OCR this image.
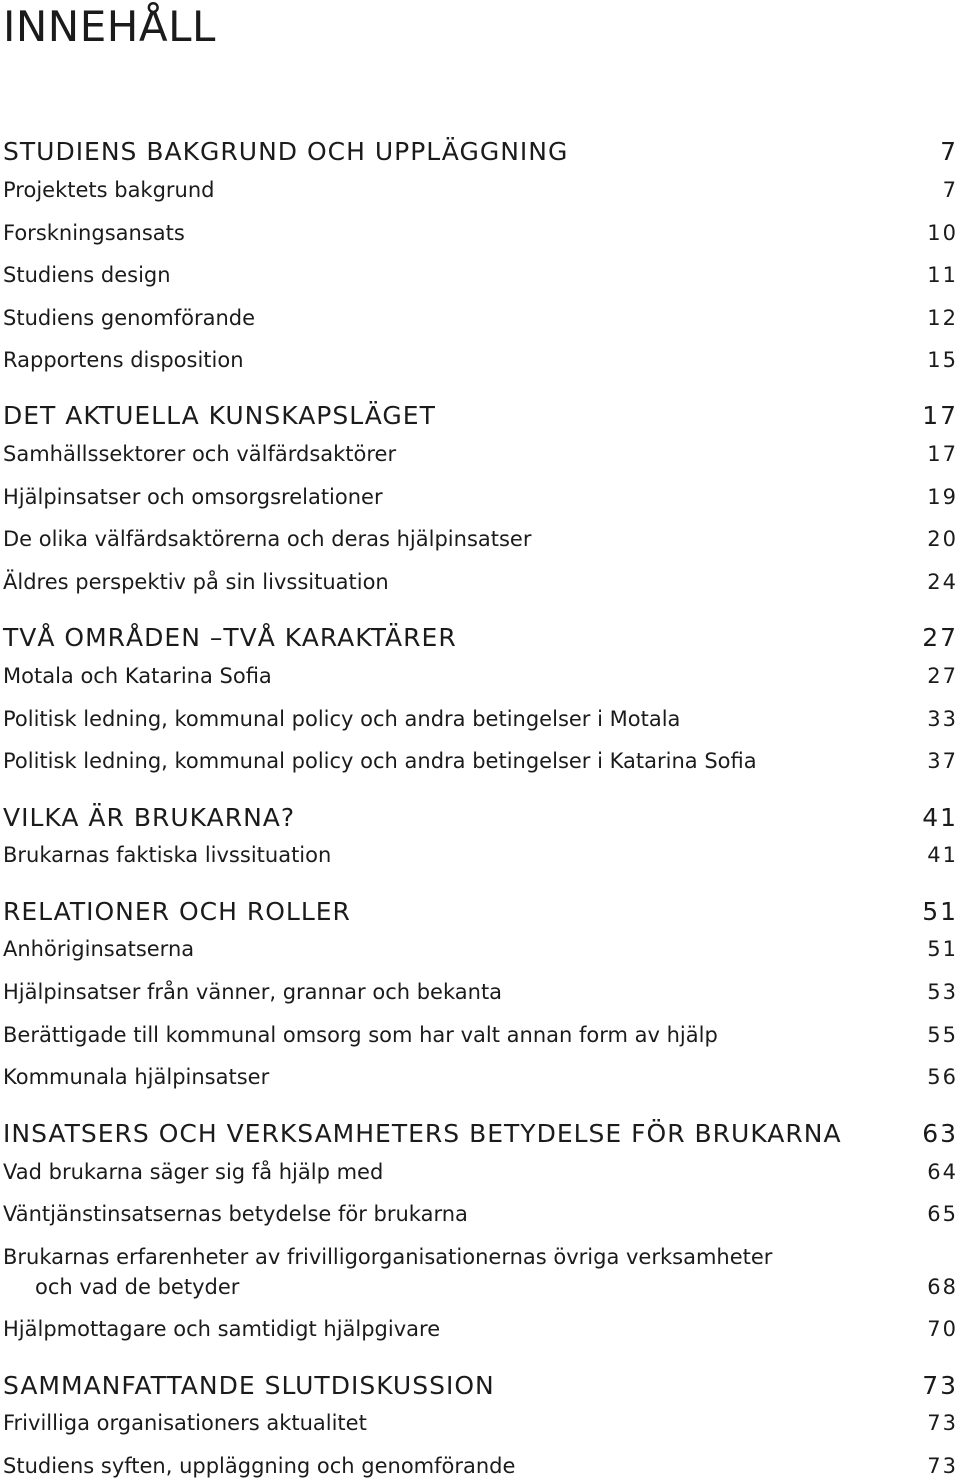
INNEHÅLL
STUDIENS BAKGRUND OCH UPPLÄGGNING	7
Projektets bakgrund	7
Forskningsansats	10
Studiens design	11
Studiens genomförande	12
Rapportens disposition	15
DET AKTUELLA KUNSKAPSLÄGET	17
Samhällssektorer och välfärdsaktörer	17
Hjälpinsatser och omsorgsrelationer	19
De olika välfärdsaktörerna och deras hjälpinsatser	20
Äldres perspektiv på sin livssituation	24
TVÅ OMRÅDEN –TVÅ KARAKTÄRER	27
Motala och Katarina Sofia	27
Politisk ledning, kommunal policy och andra betingelser i Motala	33
Politisk ledning, kommunal policy och andra betingelser i Katarina Sofia	37
VILKA ÄR BRUKARNA?	41
Brukarnas faktiska livssituation	41
RELATIONER OCH ROLLER	51
Anhöriginsatserna	51
Hjälpinsatser från vänner, grannar och bekanta	53
Berättigade till kommunal omsorg som har valt annan form av hjälp	55
Kommunala hjälpinsatser	56
INSATSERS OCH VERKSAMHETERS BETYDELSE FÖR BRUKARNA	63
Vad brukarna säger sig få hjälp med	64
Väntjänstinsatsernas betydelse för brukarna	65
Brukarnas erfarenheter av frivilligorganisationernas övriga verksamheter
och vad de betyder	68
Hjälpmottagare och samtidigt hjälpgivare	70
SAMMANFATTANDE SLUTDISKUSSION	73
Frivilliga organisationers aktualitet	73
Studiens syften, uppläggning och genomförande	73
